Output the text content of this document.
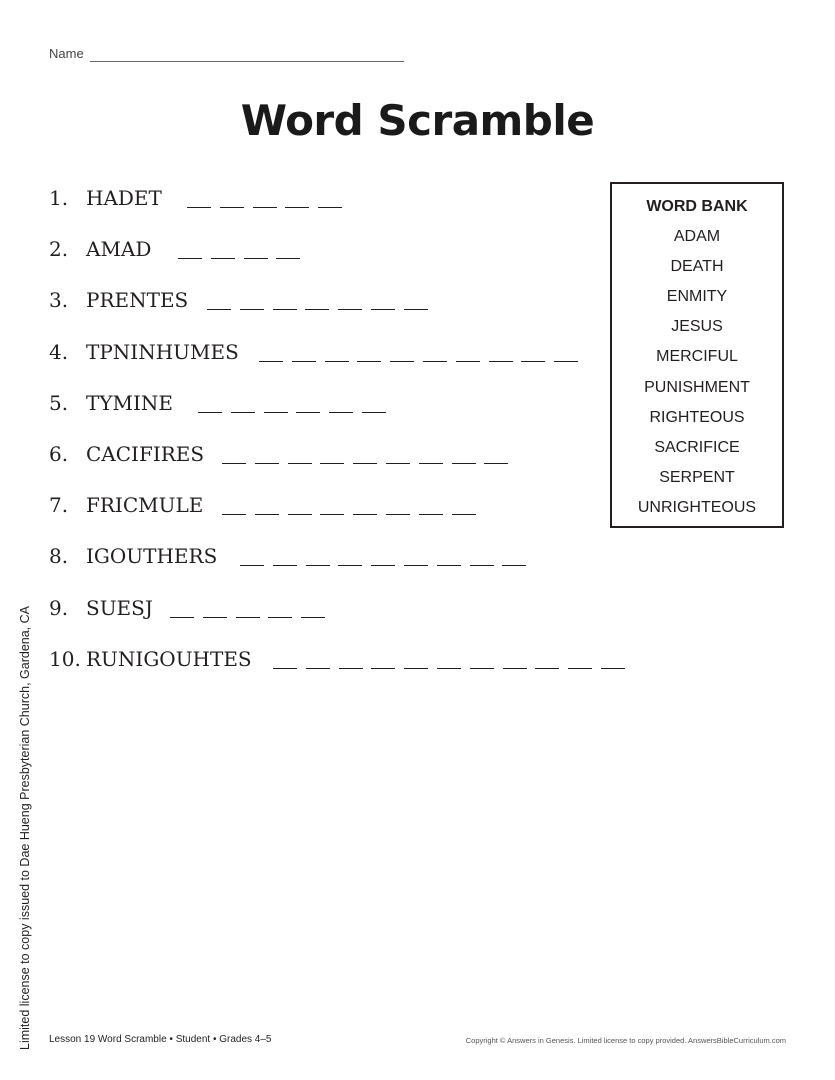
Name
Word Scramble
1. HADET
2. AMAD
3. PRENTES
4. TPNINHUMES
5. TYMINE
6. CACIFIRES
7. FRICMULE
8. IGOUTHERS
9. SUESJ
10. RUNIGOUHTES
WORD BANK
ADAM
DEATH
ENMITY
JESUS
MERCIFUL
PUNISHMENT
RIGHTEOUS
SACRIFICE
SERPENT
UNRIGHTEOUS
Limited license to copy issued to Dae Hueng Presbyterian Church, Gardena, CA Lesson 19 Word Scramble • Student • Grades 4–5	Copyright © Answers in Genesis. Limited license to copy provided. AnswersBibleCurriculum.com
